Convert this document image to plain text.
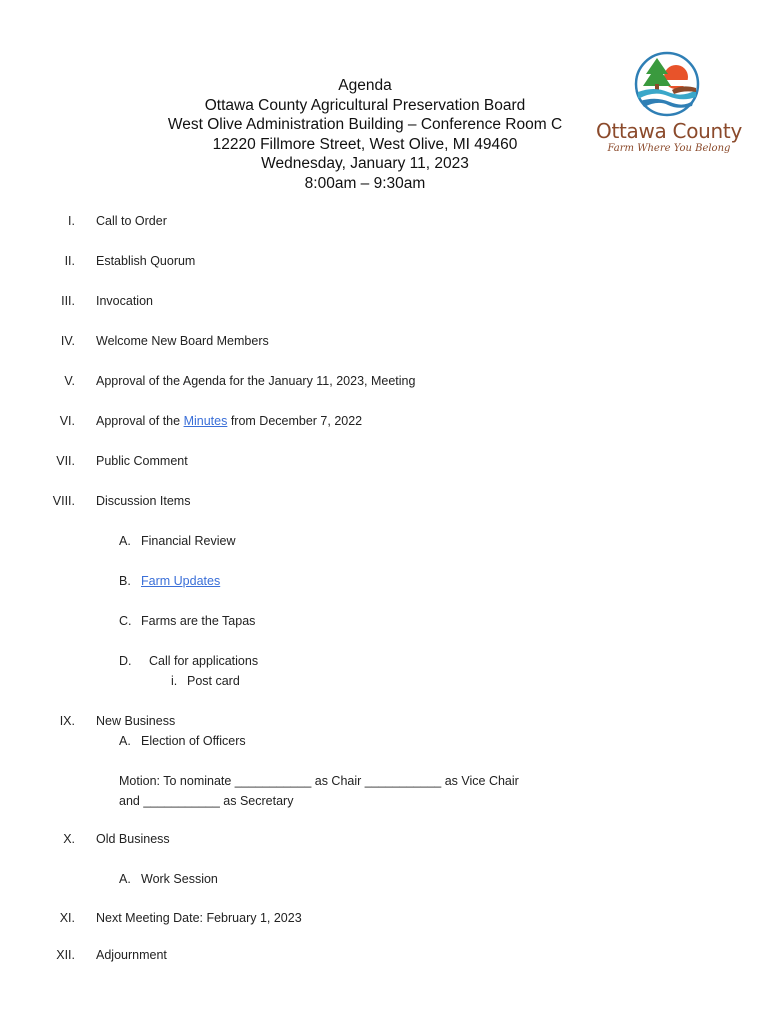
Agenda
Ottawa County Agricultural Preservation Board
West Olive Administration Building – Conference Room C
12220 Fillmore Street, West Olive, MI 49460
Wednesday, January 11, 2023
8:00am – 9:30am
Ottawa County
Farm Where You Belong
I. Call to Order
II. Establish Quorum
III. Invocation
IV. Welcome New Board Members
V. Approval of the Agenda for the January 11, 2023, Meeting
VI. Approval of the Minutes from December 7, 2022
VII. Public Comment
VIII. Discussion Items
A. Financial Review
B. Farm Updates
C. Farms are the Tapas
D. Call for applications
i. Post card
IX. New Business
A. Election of Officers
Motion: To nominate ___________ as Chair ___________ as Vice Chair
and ___________ as Secretary
X. Old Business
A. Work Session
XI. Next Meeting Date: February 1, 2023
XII. Adjournment
